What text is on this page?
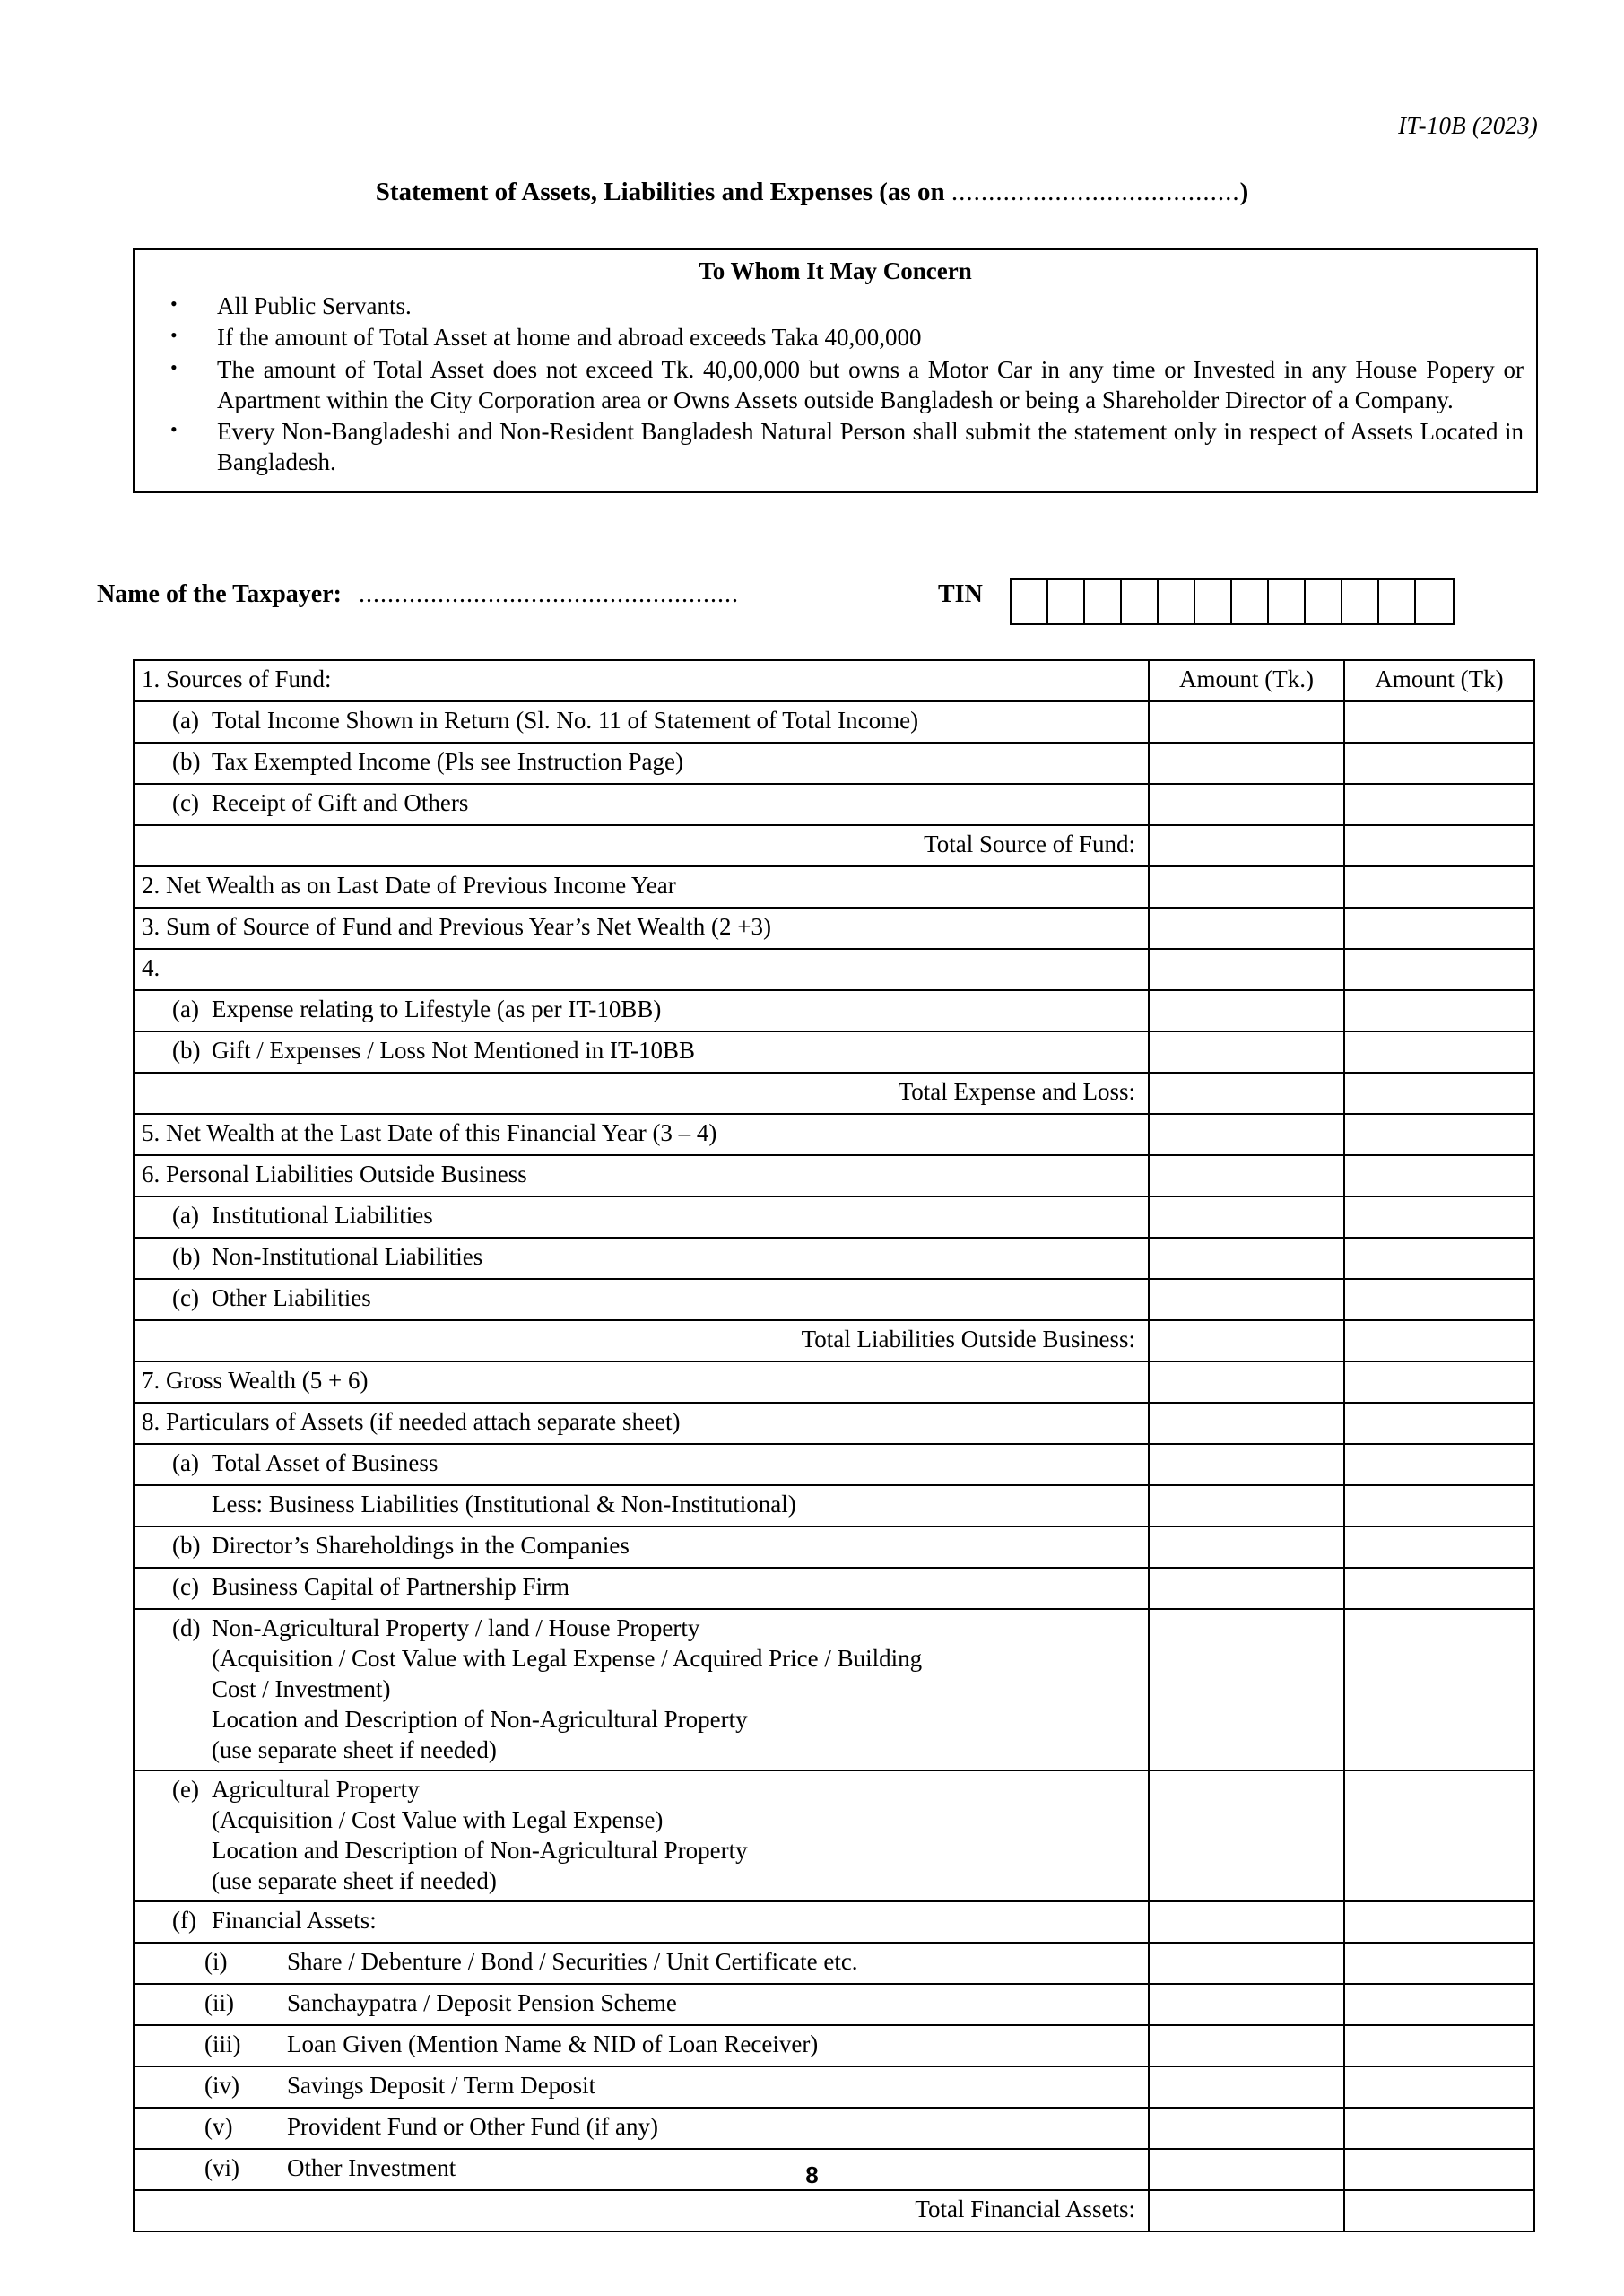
IT-10B (2023)
Statement of Assets, Liabilities and Expenses (as on .......................................)
To Whom It May Concern
• All Public Servants.
• If the amount of Total Asset at home and abroad exceeds Taka 40,00,000
• The amount of Total Asset does not exceed Tk. 40,00,000 but owns a Motor Car in any time or Invested in any House Popery or Apartment within the City Corporation area or Owns Assets outside Bangladesh or being a Shareholder Director of a Company.
• Every Non-Bangladeshi and Non-Resident Bangladesh Natural Person shall submit the statement only in respect of Assets Located in Bangladesh.
Name of the Taxpayer: .....................................................	TIN
1. Sources of Fund:	Amount (Tk.)	Amount (Tk)
(a) Total Income Shown in Return (Sl. No. 11 of Statement of Total Income)		
(b) Tax Exempted Income (Pls see Instruction Page)		
(c) Receipt of Gift and Others		
Total Source of Fund:		
2. Net Wealth as on Last Date of Previous Income Year		
3. Sum of Source of Fund and Previous Year’s Net Wealth (2 +3)		
4.		
(a) Expense relating to Lifestyle (as per IT-10BB)		
(b) Gift / Expenses / Loss Not Mentioned in IT-10BB		
Total Expense and Loss:		
5. Net Wealth at the Last Date of this Financial Year (3 – 4)		
6. Personal Liabilities Outside Business		
(a) Institutional Liabilities		
(b) Non-Institutional Liabilities		
(c) Other Liabilities		
Total Liabilities Outside Business:		
7. Gross Wealth (5 + 6)		
8. Particulars of Assets (if needed attach separate sheet)		
(a) Total Asset of Business		
Less: Business Liabilities (Institutional & Non-Institutional)		
(b) Director’s Shareholdings in the Companies		
(c) Business Capital of Partnership Firm		
(d) Non-Agricultural Property / land / House Property
(Acquisition / Cost Value with Legal Expense / Acquired Price / Building
Cost / Investment)
Location and Description of Non-Agricultural Property
(use separate sheet if needed)		

(e) Agricultural Property
(Acquisition / Cost Value with Legal Expense)
Location and Description of Non-Agricultural Property
(use separate sheet if needed)		

(f) Financial Assets:		
(i) Share / Debenture / Bond / Securities / Unit Certificate etc.		
(ii) Sanchaypatra / Deposit Pension Scheme		
(iii) Loan Given (Mention Name & NID of Loan Receiver)		
(iv) Savings Deposit / Term Deposit		
(v) Provident Fund or Other Fund (if any)		
(vi) Other Investment		
Total Financial Assets:		
8
